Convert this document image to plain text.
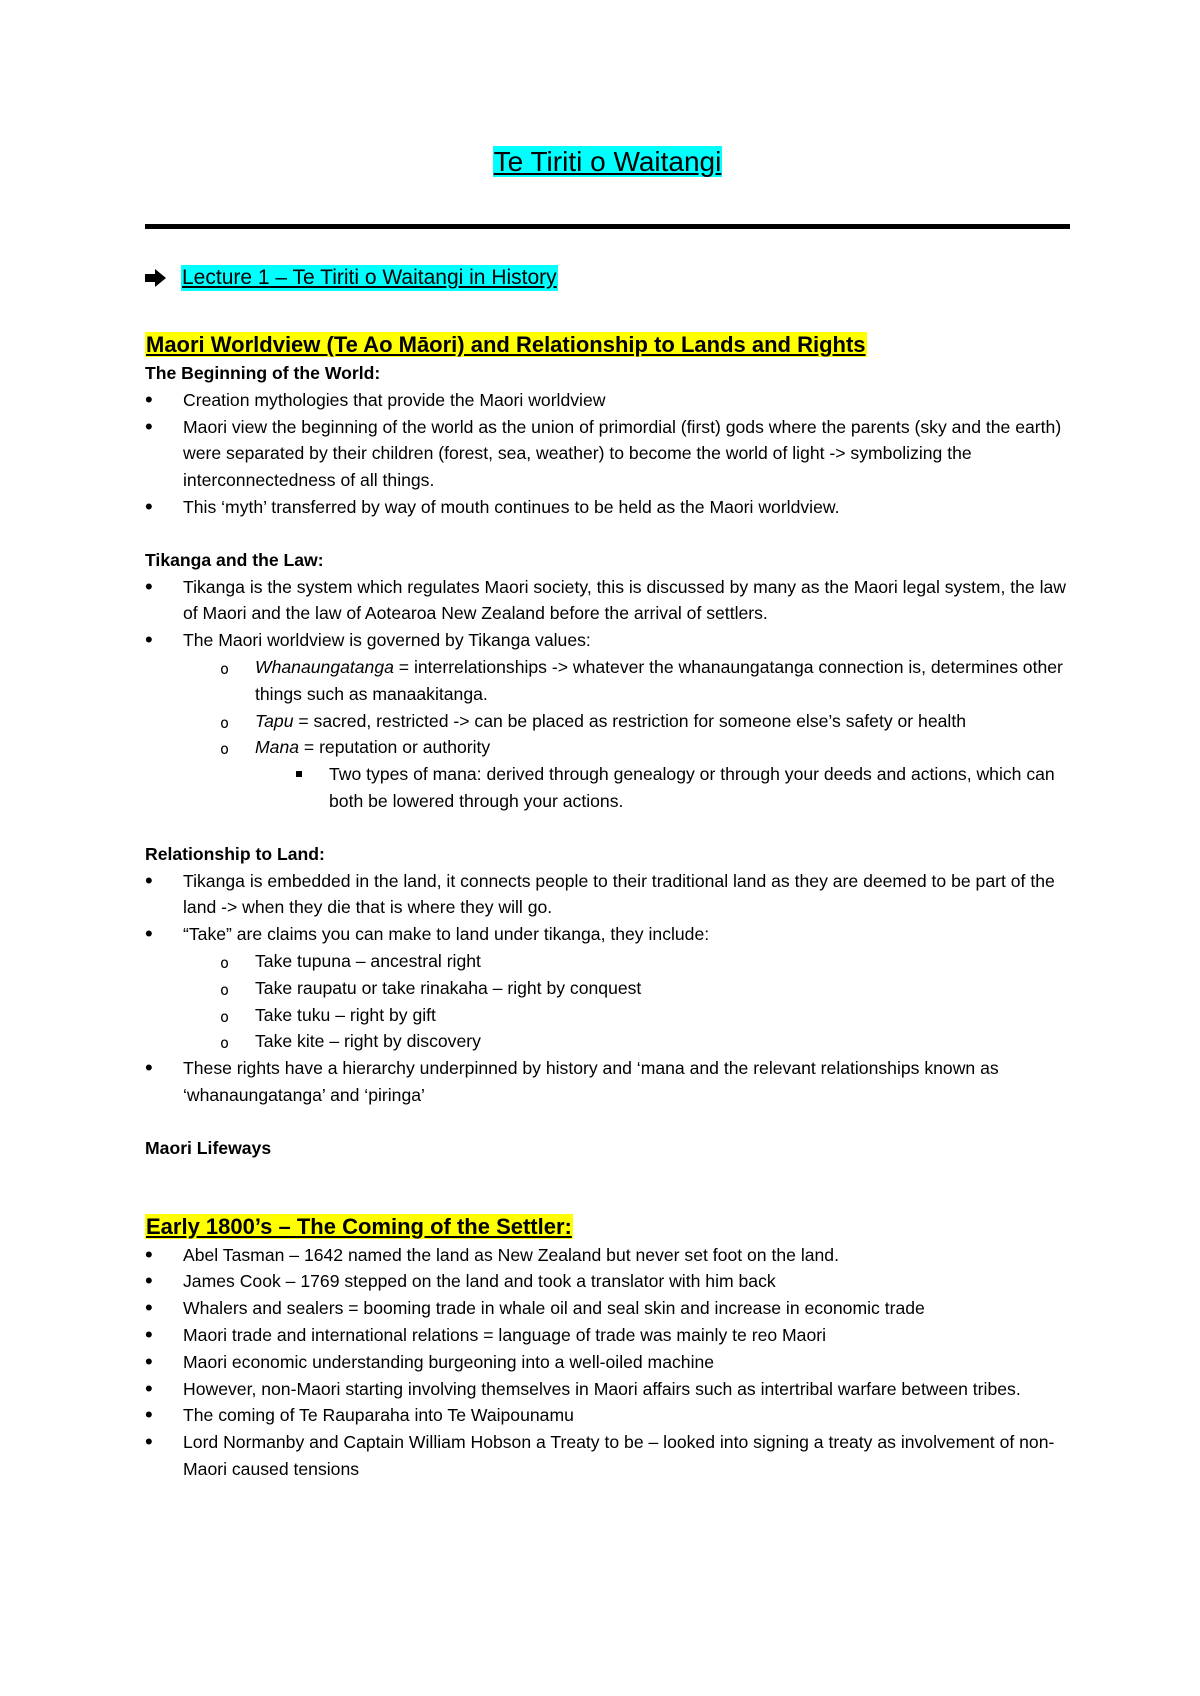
Te Tiriti o Waitangi
Lecture 1 – Te Tiriti o Waitangi in History
Maori Worldview (Te Ao Māori) and Relationship to Lands and Rights
The Beginning of the World:
• Creation mythologies that provide the Maori worldview
• Maori view the beginning of the world as the union of primordial (first) gods where the parents (sky and the earth) were separated by their children (forest, sea, weather) to become the world of light -> symbolizing the interconnectedness of all things.
• This ‘myth’ transferred by way of mouth continues to be held as the Maori worldview.
Tikanga and the Law:
• Tikanga is the system which regulates Maori society, this is discussed by many as the Maori legal system, the law of Maori and the law of Aotearoa New Zealand before the arrival of settlers.
• The Maori worldview is governed by Tikanga values:
o Whanaungatanga = interrelationships -> whatever the whanaungatanga connection is, determines other things such as manaakitanga.
o Tapu = sacred, restricted -> can be placed as restriction for someone else’s safety or health
o Mana = reputation or authority
Two types of mana: derived through genealogy or through your deeds and actions, which can both be lowered through your actions.
Relationship to Land:
• Tikanga is embedded in the land, it connects people to their traditional land as they are deemed to be part of the land -> when they die that is where they will go.
• “Take” are claims you can make to land under tikanga, they include:
o Take tupuna – ancestral right
o Take raupatu or take rinakaha – right by conquest
o Take tuku – right by gift
o Take kite – right by discovery
• These rights have a hierarchy underpinned by history and ‘mana and the relevant relationships known as ‘whanaungatanga’ and ‘piringa’
Maori Lifeways
Early 1800’s – The Coming of the Settler:
• Abel Tasman – 1642 named the land as New Zealand but never set foot on the land.
• James Cook – 1769 stepped on the land and took a translator with him back
• Whalers and sealers = booming trade in whale oil and seal skin and increase in economic trade
• Maori trade and international relations = language of trade was mainly te reo Maori
• Maori economic understanding burgeoning into a well-oiled machine
• However, non-Maori starting involving themselves in Maori affairs such as intertribal warfare between tribes.
• The coming of Te Rauparaha into Te Waipounamu
• Lord Normanby and Captain William Hobson a Treaty to be – looked into signing a treaty as involvement of non-Maori caused tensions
